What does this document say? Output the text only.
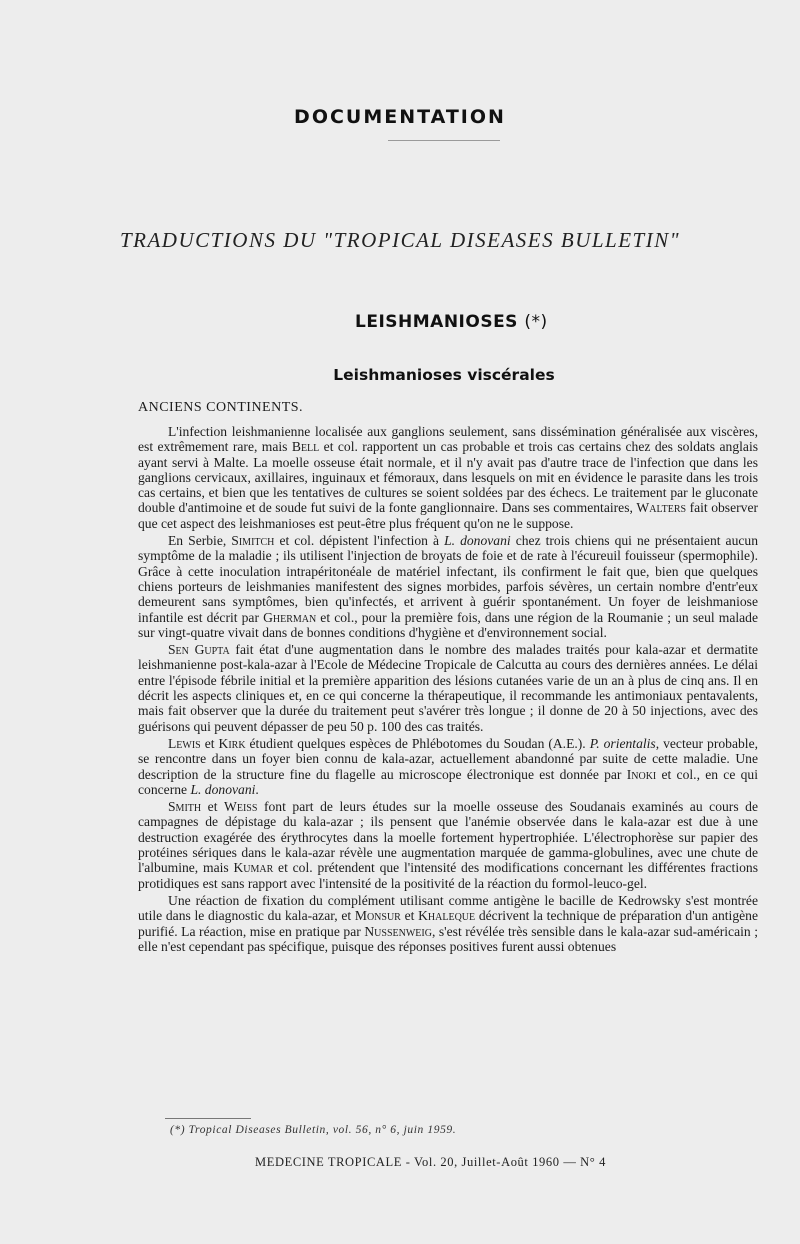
DOCUMENTATION
TRADUCTIONS DU "TROPICAL DISEASES BULLETIN"
LEISHMANIOSES (*)
Leishmanioses viscérales
ANCIENS CONTINENTS.

L'infection leishmanienne localisée aux ganglions seulement, sans dissémination généralisée aux viscères, est extrêmement rare, mais Bell et col. rapportent un cas probable et trois cas certains chez des soldats anglais ayant servi à Malte. La moelle osseuse était normale, et il n'y avait pas d'autre trace de l'infection que dans les ganglions cervicaux, axillaires, inguinaux et fémoraux, dans lesquels on mit en évidence le parasite dans les trois cas certains, et bien que les tentatives de cultures se soient soldées par des échecs. Le traitement par le gluconate double d'antimoine et de soude fut suivi de la fonte ganglionnaire. Dans ses commentaires, Walters fait observer que cet aspect des leishmanioses est peut-être plus fréquent qu'on ne le suppose.

En Serbie, Simitch et col. dépistent l'infection à L. donovani chez trois chiens qui ne présentaient aucun symptôme de la maladie ; ils utilisent l'injection de broyats de foie et de rate à l'écureuil fouisseur (spermophile). Grâce à cette inoculation intrapéritonéale de matériel infectant, ils confirment le fait que, bien que quelques chiens porteurs de leishmanies manifestent des signes morbides, parfois sévères, un certain nombre d'entr'eux demeurent sans symptômes, bien qu'infectés, et arrivent à guérir spontanément. Un foyer de leishmaniose infantile est décrit par Gherman et col., pour la première fois, dans une région de la Roumanie ; un seul malade sur vingt-quatre vivait dans de bonnes conditions d'hygiène et d'environnement social.

Sen Gupta fait état d'une augmentation dans le nombre des malades traités pour kala-azar et dermatite leishmanienne post-kala-azar à l'Ecole de Médecine Tropicale de Calcutta au cours des dernières années. Le délai entre l'épisode fébrile initial et la première apparition des lésions cutanées varie de un an à plus de cinq ans. Il en décrit les aspects cliniques et, en ce qui concerne la thérapeutique, il recommande les antimoniaux pentavalents, mais fait observer que la durée du traitement peut s'avérer très longue ; il donne de 20 à 50 injections, avec des guérisons qui peuvent dépasser de peu 50 p. 100 des cas traités.

Lewis et Kirk étudient quelques espèces de Phlébotomes du Soudan (A.E.). P. orientalis, vecteur probable, se rencontre dans un foyer bien connu de kala-azar, actuellement abandonné par suite de cette maladie. Une description de la structure fine du flagelle au microscope électronique est donnée par Inoki et col., en ce qui concerne L. donovani.

Smith et Weiss font part de leurs études sur la moelle osseuse des Soudanais examinés au cours de campagnes de dépistage du kala-azar ; ils pensent que l'anémie observée dans le kala-azar est due à une destruction exagérée des érythrocytes dans la moelle fortement hypertrophiée. L'électrophorèse sur papier des protéines sériques dans le kala-azar révèle une augmentation marquée de gamma-globulines, avec une chute de l'albumine, mais Kumar et col. prétendent que l'intensité des modifications concernant les différentes fractions protidiques est sans rapport avec l'intensité de la positivité de la réaction du formol-leuco-gel.

Une réaction de fixation du complément utilisant comme antigène le bacille de Kedrowsky s'est montrée utile dans le diagnostic du kala-azar, et Monsur et Khaleque décrivent la technique de préparation d'un antigène purifié. La réaction, mise en pratique par Nussenweig, s'est révélée très sensible dans le kala-azar sud-américain ; elle n'est cependant pas spécifique, puisque des réponses positives furent aussi obtenues

(*) Tropical Diseases Bulletin, vol. 56, n° 6, juin 1959.
MEDECINE TROPICALE - Vol. 20, Juillet-Août 1960 — N° 4
